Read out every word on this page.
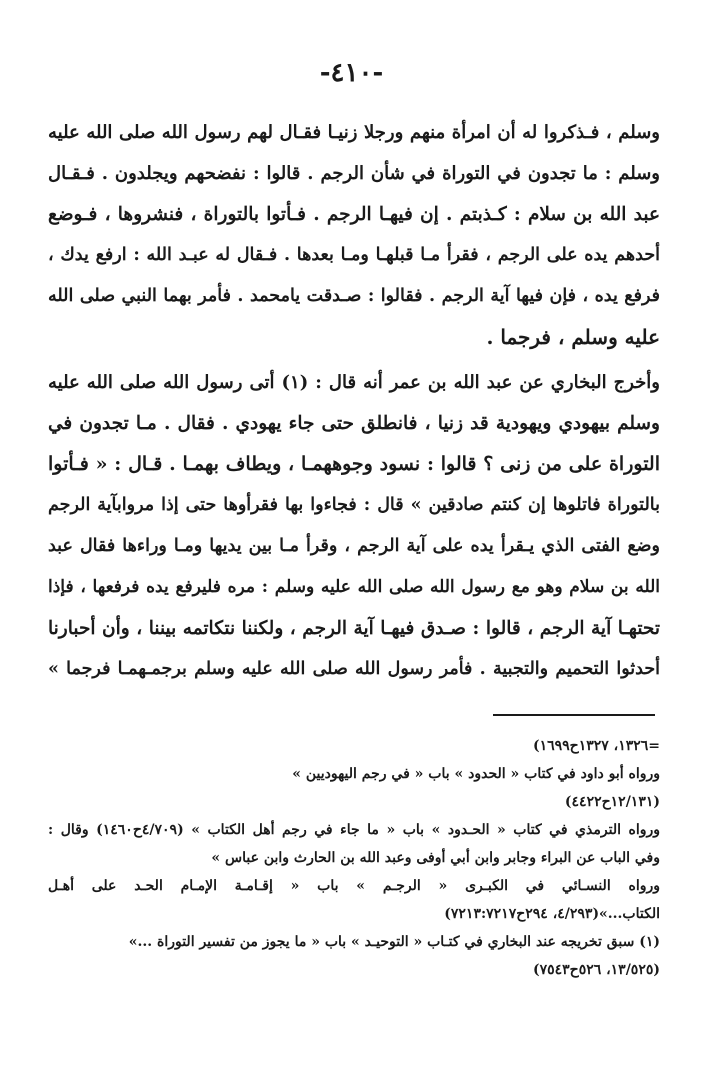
-٤١٠-
وسلم ، فـذكروا له أن امرأة منهم ورجلا زنيـا فقـال لهم رسول الله صلى الله عليه
وسلم : ما تجدون في التوراة في شأن الرجم . قالوا : نفضحهم ويجلدون . فـقـال
عبد الله بن سلام : كـذبتم . إن فيهـا الرجم . فـأتوا بالتوراة ، فنشروها ، فـوضع
أحدهم يده على الرجم ، فقرأ مـا قبلهـا ومـا بعدها . فـقال له عبـد الله : ارفع يدك ،
فرفع يده ، فإن فيها آية الرجم . فقالوا : صـدقت يامحمد . فأمر بهما النبي صلى الله
عليه وسلم ، فرجما .
وأخرج البخاري عن عبد الله بن عمر أنه قال : (١) أتى رسول الله صلى الله عليه
وسلم بيهودي ويهودية قد زنيا ، فانطلق حتى جاء يهودي . فقال . مـا تجدون في
التوراة على من زنى ؟ قالوا : نسود وجوههمـا ، ويطاف بهمـا . قـال : « فـأتوا
بالتوراة فاتلوها إن كنتم صادقين » قال : فجاءوا بها فقرأوها حتى إذا مروابآية الرجم
وضع الفتى الذي يـقرأ يده على آية الرجم ، وقرأ مـا بين يديها ومـا وراءها فقال عبد
الله بن سلام وهو مع رسول الله صلى الله عليه وسلم : مره فليرفع يده فرفعها ، فإذا
تحتهـا آية الرجم ، قالوا : صـدق فيهـا آية الرجم ، ولكننا نتكاتمه بيننا ، وأن أحبارنا
أحدثوا التحميم والتجبية . فأمر رسول الله صلى الله عليه وسلم برجمـهمـا فرجما »
=١٣٢٦، ١٣٢٧ح١٦٩٩)
ورواه أبو داود في كتاب « الحدود » باب « في رجم اليهوديين »
(١٢/١٣١ح٤٤٢٢)
ورواه الترمذي في كتاب « الحـدود » باب « ما جاء في رجم أهل الكتاب » (٤/٧٠٩ح١٤٦٠) وقال :
وفي الباب عن البراء وجابر وابن أبي أوفى وعبد الله بن الحارث وابن عباس »
ورواه النسـائي في الكبـرى « الرجـم » باب « إقـامـة الإمـام الحـد على أهـل
الكتاب...»(٤/٢٩٣، ٢٩٤ح٧٢١٣:٧٢١٧)
(١) سبق تخريجه عند البخاري في كتـاب « التوحيـد » باب « ما يجوز من تفسير التوراة ...»
(١٣/٥٢٥، ٥٢٦ح٧٥٤٣)
